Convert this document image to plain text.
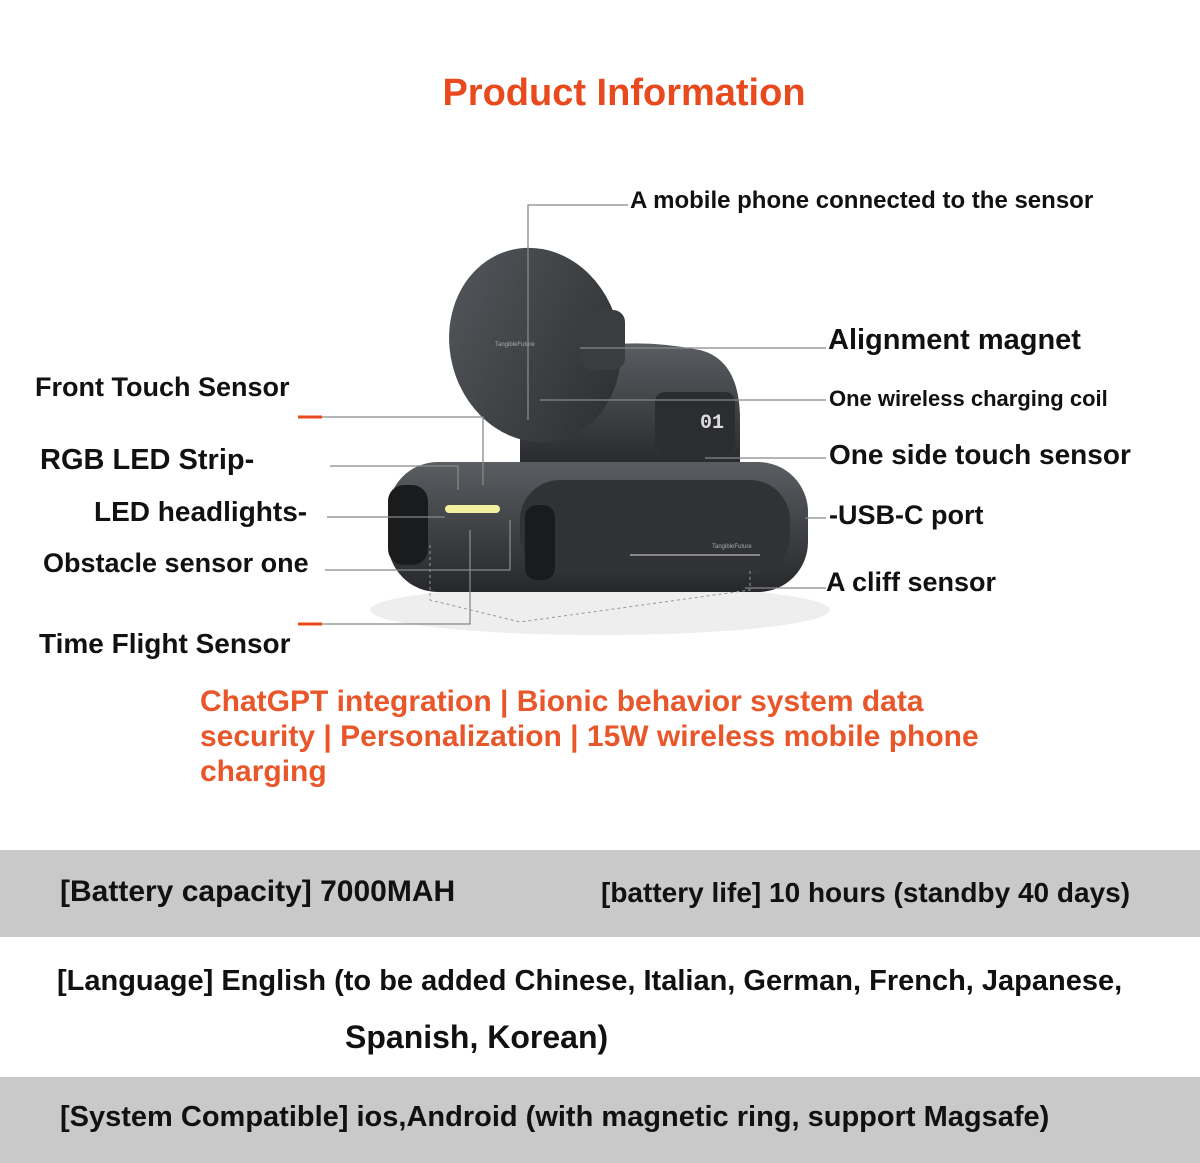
Product Information
01
TangibleFuture
TangibleFuture
A mobile phone connected to the sensor
Alignment magnet
One wireless charging coil
One side touch sensor
-USB-C port
A cliff sensor
Front Touch Sensor
RGB LED Strip-
LED headlights-
Obstacle sensor one
Time Flight Sensor
ChatGPT integration | Bionic behavior system data security | Personalization | 15W wireless mobile phone charging
[Battery capacity] 7000MAH	[battery life] 10 hours (standby 40 days)
[Language] English (to be added Chinese, Italian, German, French, Japanese,
Spanish, Korean)
[System Compatible] ios,Android (with magnetic ring, support Magsafe)
